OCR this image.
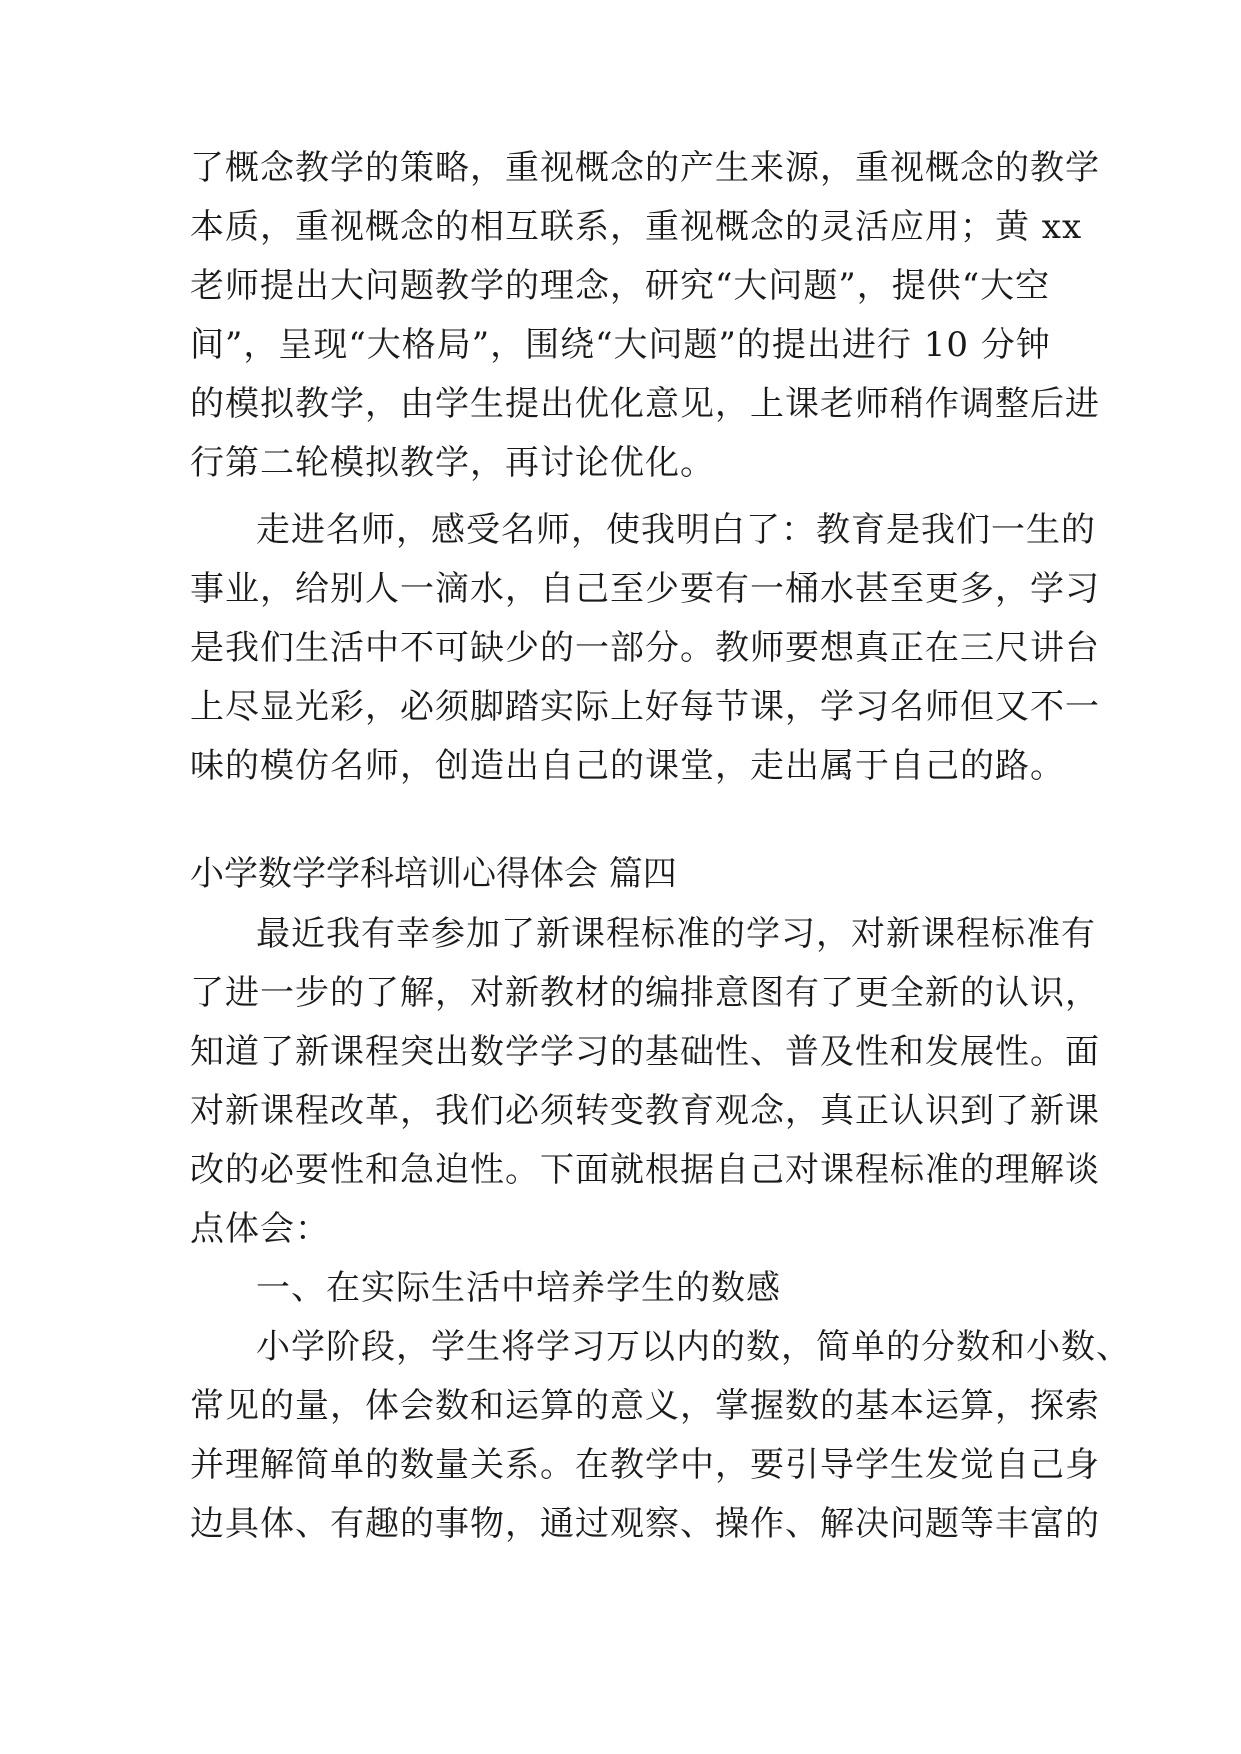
了概念教学的策略，重视概念的产生来源，重视概念的教学
本质，重视概念的相互联系，重视概念的灵活应用；黄 xx
老师提出大问题教学的理念，研究“大问题”，提供“大空
间”，呈现“大格局”，围绕“大问题”的提出进行 10 分钟
的模拟教学，由学生提出优化意见，上课老师稍作调整后进
行第二轮模拟教学，再讨论优化。
走进名师，感受名师，使我明白了：教育是我们一生的
事业，给别人一滴水，自己至少要有一桶水甚至更多，学习
是我们生活中不可缺少的一部分。教师要想真正在三尺讲台
上尽显光彩，必须脚踏实际上好每节课，学习名师但又不一
味的模仿名师，创造出自己的课堂，走出属于自己的路。
小学数学学科培训心得体会 篇四
最近我有幸参加了新课程标准的学习，对新课程标准有
了进一步的了解，对新教材的编排意图有了更全新的认识，
知道了新课程突出数学学习的基础性、普及性和发展性。面
对新课程改革，我们必须转变教育观念，真正认识到了新课
改的必要性和急迫性。下面就根据自己对课程标准的理解谈
点体会：
一、在实际生活中培养学生的数感
小学阶段，学生将学习万以内的数，简单的分数和小数、
常见的量，体会数和运算的意义，掌握数的基本运算，探索
并理解简单的数量关系。在教学中，要引导学生发觉自己身
边具体、有趣的事物，通过观察、操作、解决问题等丰富的
